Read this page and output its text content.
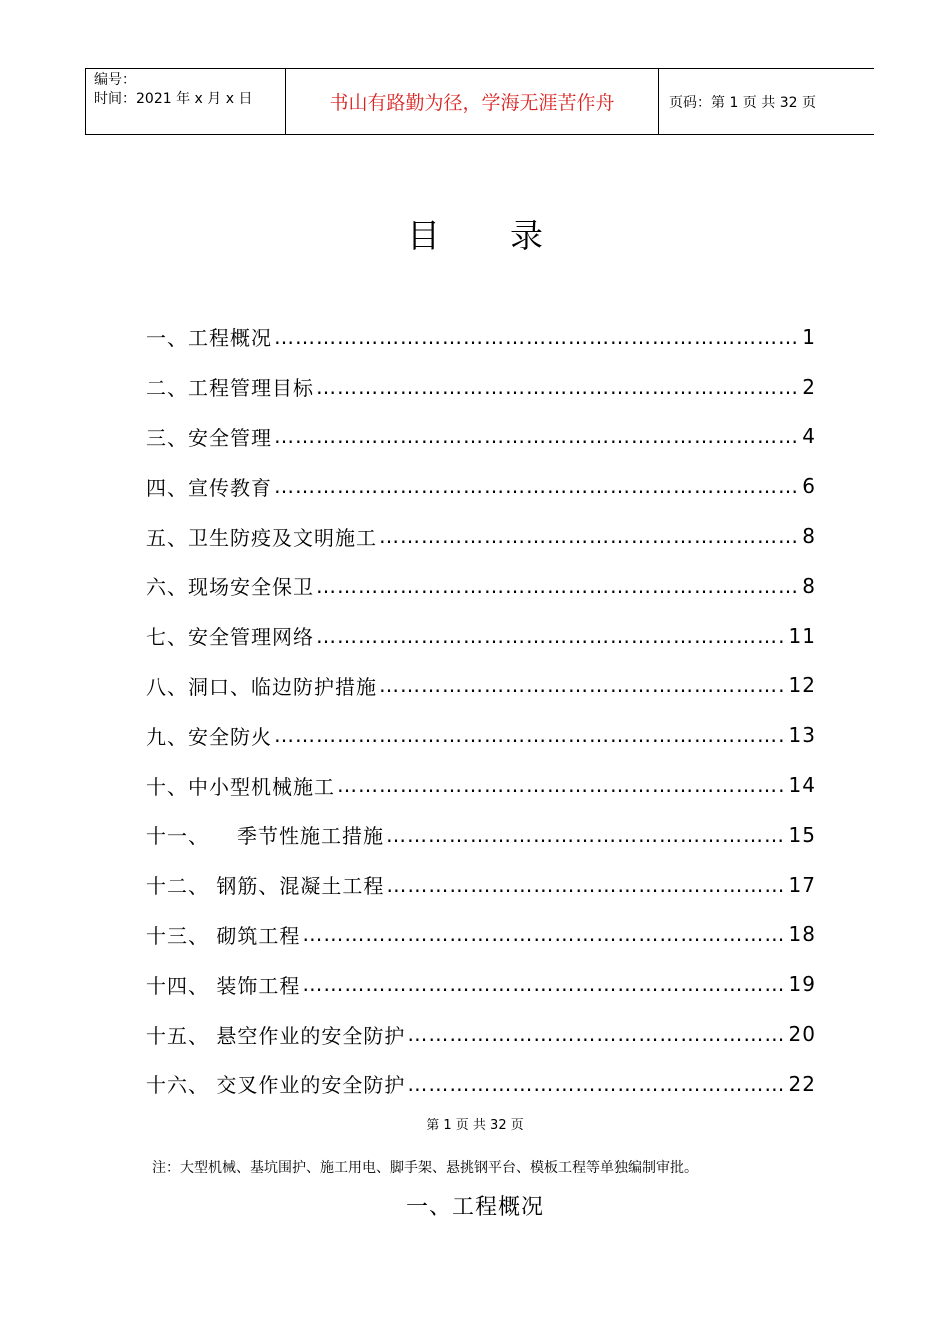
编号：
时间：2021 年 x 月 x 日	书山有路勤为径，学海无涯苦作舟	页码：第 1 页 共 32 页
目录
一、工程概况 ……………………………………………………………………………………………………………………	1
二、工程管理目标 ……………………………………………………………………………………………………………………	2
三、安全管理 ……………………………………………………………………………………………………………………	4
四、宣传教育 ……………………………………………………………………………………………………………………	6
五、卫生防疫及文明施工 ……………………………………………………………………………………………………………………	8
六、现场安全保卫 ……………………………………………………………………………………………………………………	8
七、安全管理网络 ……………………………………………………………………………………………………………………	11
八、洞口、临边防护措施 ……………………………………………………………………………………………………………………	12
九、安全防火 ……………………………………………………………………………………………………………………	13
十、中小型机械施工 ……………………………………………………………………………………………………………………	14
十一、 季节性施工措施 ……………………………………………………………………………………………………………………	15
十二、 钢筋、混凝土工程 ……………………………………………………………………………………………………………………	17
十三、 砌筑工程 ……………………………………………………………………………………………………………………	18
十四、 装饰工程 ……………………………………………………………………………………………………………………	19
十五、 悬空作业的安全防护 ……………………………………………………………………………………………………………………	20
十六、 交叉作业的安全防护 ……………………………………………………………………………………………………………………	22
第 1 页 共 32 页
注：大型机械、基坑围护、施工用电、脚手架、悬挑钢平台、模板工程等单独编制审批。
一、工程概况
